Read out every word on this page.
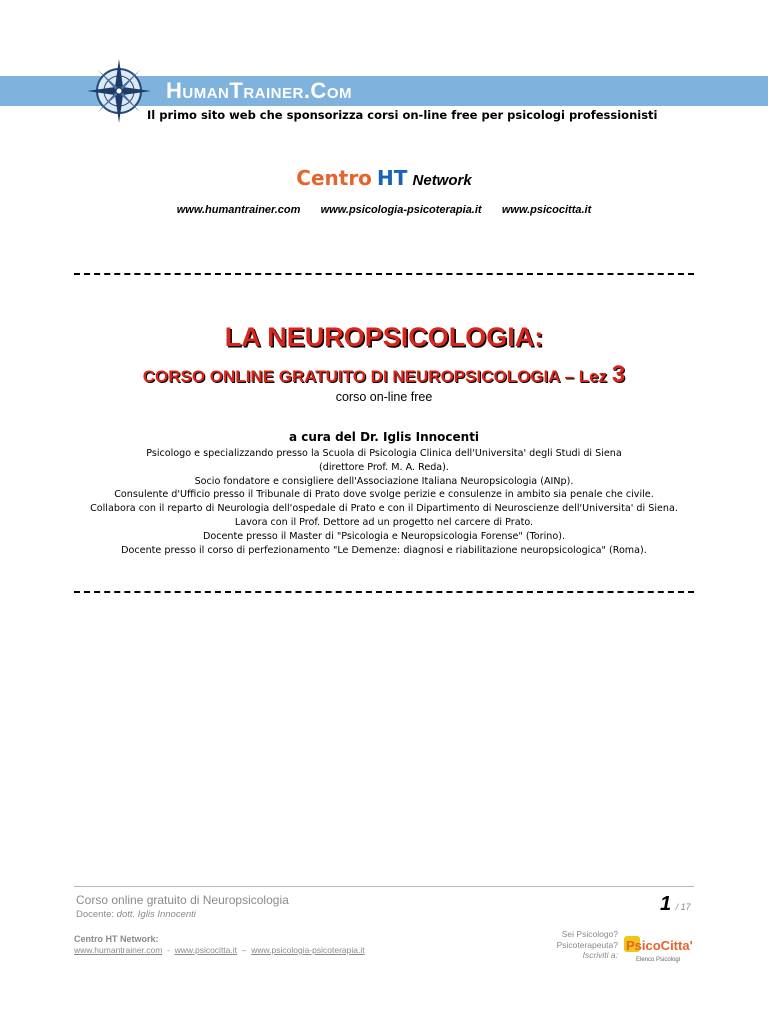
HumanTrainer.Com
Il primo sito web che sponsorizza corsi on-line free per psicologi professionisti
Centro HT Network
www.humantrainer.com www.psicologia-psicoterapia.it www.psicocitta.it
LA NEUROPSICOLOGIA:
CORSO ONLINE GRATUITO DI NEUROPSICOLOGIA – Lez 3
corso on-line free
a cura del Dr. Iglis Innocenti
Psicologo e specializzando presso la Scuola di Psicologia Clinica dell'Universita' degli Studi di Siena
(direttore Prof. M. A. Reda).
Socio fondatore e consigliere dell'Associazione Italiana Neuropsicologia (AINp).
Consulente d'Ufficio presso il Tribunale di Prato dove svolge perizie e consulenze in ambito sia penale che civile.
Collabora con il reparto di Neurologia dell'ospedale di Prato e con il Dipartimento di Neuroscienze dell'Universita' di Siena.
Lavora con il Prof. Dettore ad un progetto nel carcere di Prato.
Docente presso il Master di "Psicologia e Neuropsicologia Forense" (Torino).
Docente presso il corso di perfezionamento "Le Demenze: diagnosi e riabilitazione neuropsicologica" (Roma).
Corso online gratuito di Neuropsicologia
Docente: dott. Iglis Innocenti	1 / 17
Centro HT Network:
www.humantrainer.com - www.psicocitta.it – www.psicologia-psicoterapia.it
Sei Psicologo?
Psicoterapeuta?
Iscriviti a:
PsicoCitta'
Elenco Psicologi
